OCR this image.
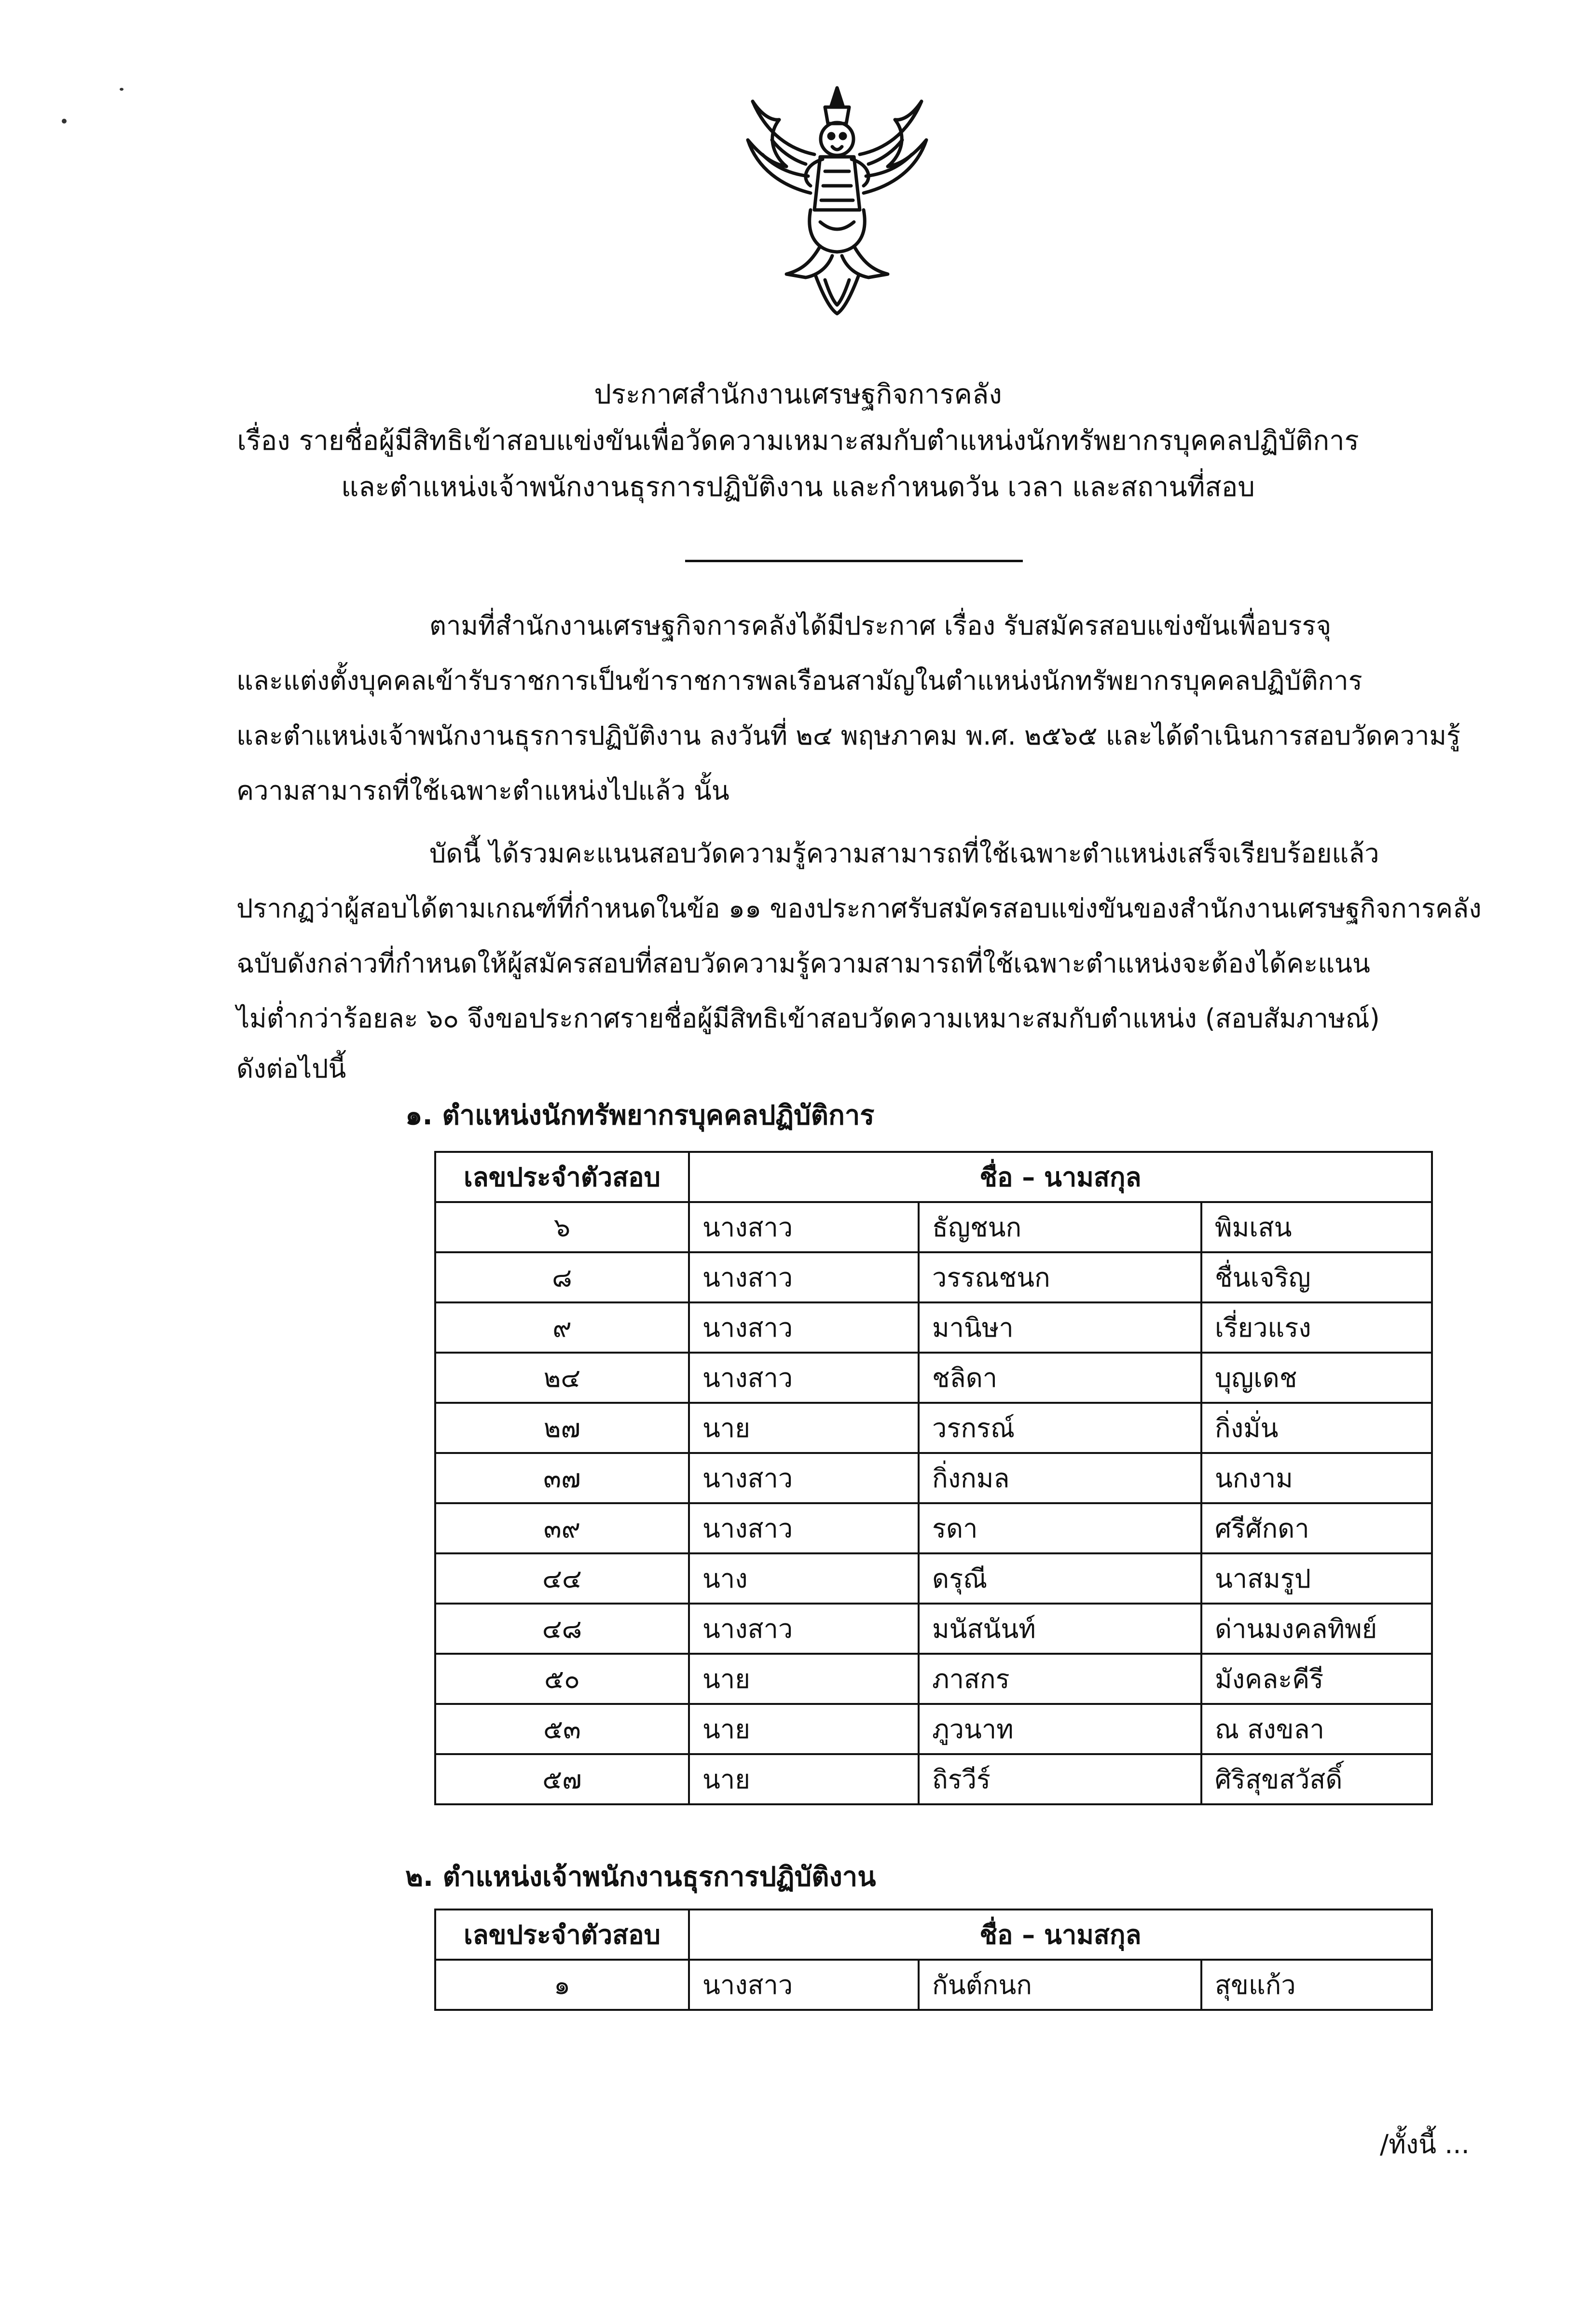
ประกาศสำนักงานเศรษฐกิจการคลัง
เรื่อง รายชื่อผู้มีสิทธิเข้าสอบแข่งขันเพื่อวัดความเหมาะสมกับตำแหน่งนักทรัพยากรบุคคลปฏิบัติการ
และตำแหน่งเจ้าพนักงานธุรการปฏิบัติงาน และกำหนดวัน เวลา และสถานที่สอบ

ตามที่สำนักงานเศรษฐกิจการคลังได้มีประกาศ เรื่อง รับสมัครสอบแข่งขันเพื่อบรรจุ

และแต่งตั้งบุคคลเข้ารับราชการเป็นข้าราชการพลเรือนสามัญในตำแหน่งนักทรัพยากรบุคคลปฏิบัติการ

และตำแหน่งเจ้าพนักงานธุรการปฏิบัติงาน ลงวันที่ ๒๔ พฤษภาคม พ.ศ. ๒๕๖๕ และได้ดำเนินการสอบวัดความรู้

ความสามารถที่ใช้เฉพาะตำแหน่งไปแล้ว นั้น

บัดนี้ ได้รวมคะแนนสอบวัดความรู้ความสามารถที่ใช้เฉพาะตำแหน่งเสร็จเรียบร้อยแล้ว

ปรากฏว่าผู้สอบได้ตามเกณฑ์ที่กำหนดในข้อ ๑๑ ของประกาศรับสมัครสอบแข่งขันของสำนักงานเศรษฐกิจการคลัง

ฉบับดังกล่าวที่กำหนดให้ผู้สมัครสอบที่สอบวัดความรู้ความสามารถที่ใช้เฉพาะตำแหน่งจะต้องได้คะแนน

ไม่ต่ำกว่าร้อยละ ๖๐ จึงขอประกาศรายชื่อผู้มีสิทธิเข้าสอบวัดความเหมาะสมกับตำแหน่ง (สอบสัมภาษณ์)

ดังต่อไปนี้

๑. ตำแหน่งนักทรัพยากรบุคคลปฏิบัติการ

เลขประจำตัวสอบ	ชื่อ – นามสกุล		
๖	นางสาว	ธัญชนก	พิมเสน
๘	นางสาว	วรรณชนก	ชื่นเจริญ
๙	นางสาว	มานิษา	เรี่ยวแรง
๒๔	นางสาว	ชลิดา	บุญเดช
๒๗	นาย	วรกรณ์	กิ่งมั่น
๓๗	นางสาว	กิ่งกมล	นกงาม
๓๙	นางสาว	รดา	ศรีศักดา
๔๔	นาง	ดรุณี	นาสมรูป
๔๘	นางสาว	มนัสนันท์	ด่านมงคลทิพย์
๕๐	นาย	ภาสกร	มังคละคีรี
๕๓	นาย	ภูวนาท	ณ สงขลา
๕๗	นาย	ถิรวีร์	ศิริสุขสวัสดิ์

๒. ตำแหน่งเจ้าพนักงานธุรการปฏิบัติงาน

เลขประจำตัวสอบ	ชื่อ – นามสกุล		
๑	นางสาว	กันต์กนก	สุขแก้ว
/ทั้งนี้ ...
